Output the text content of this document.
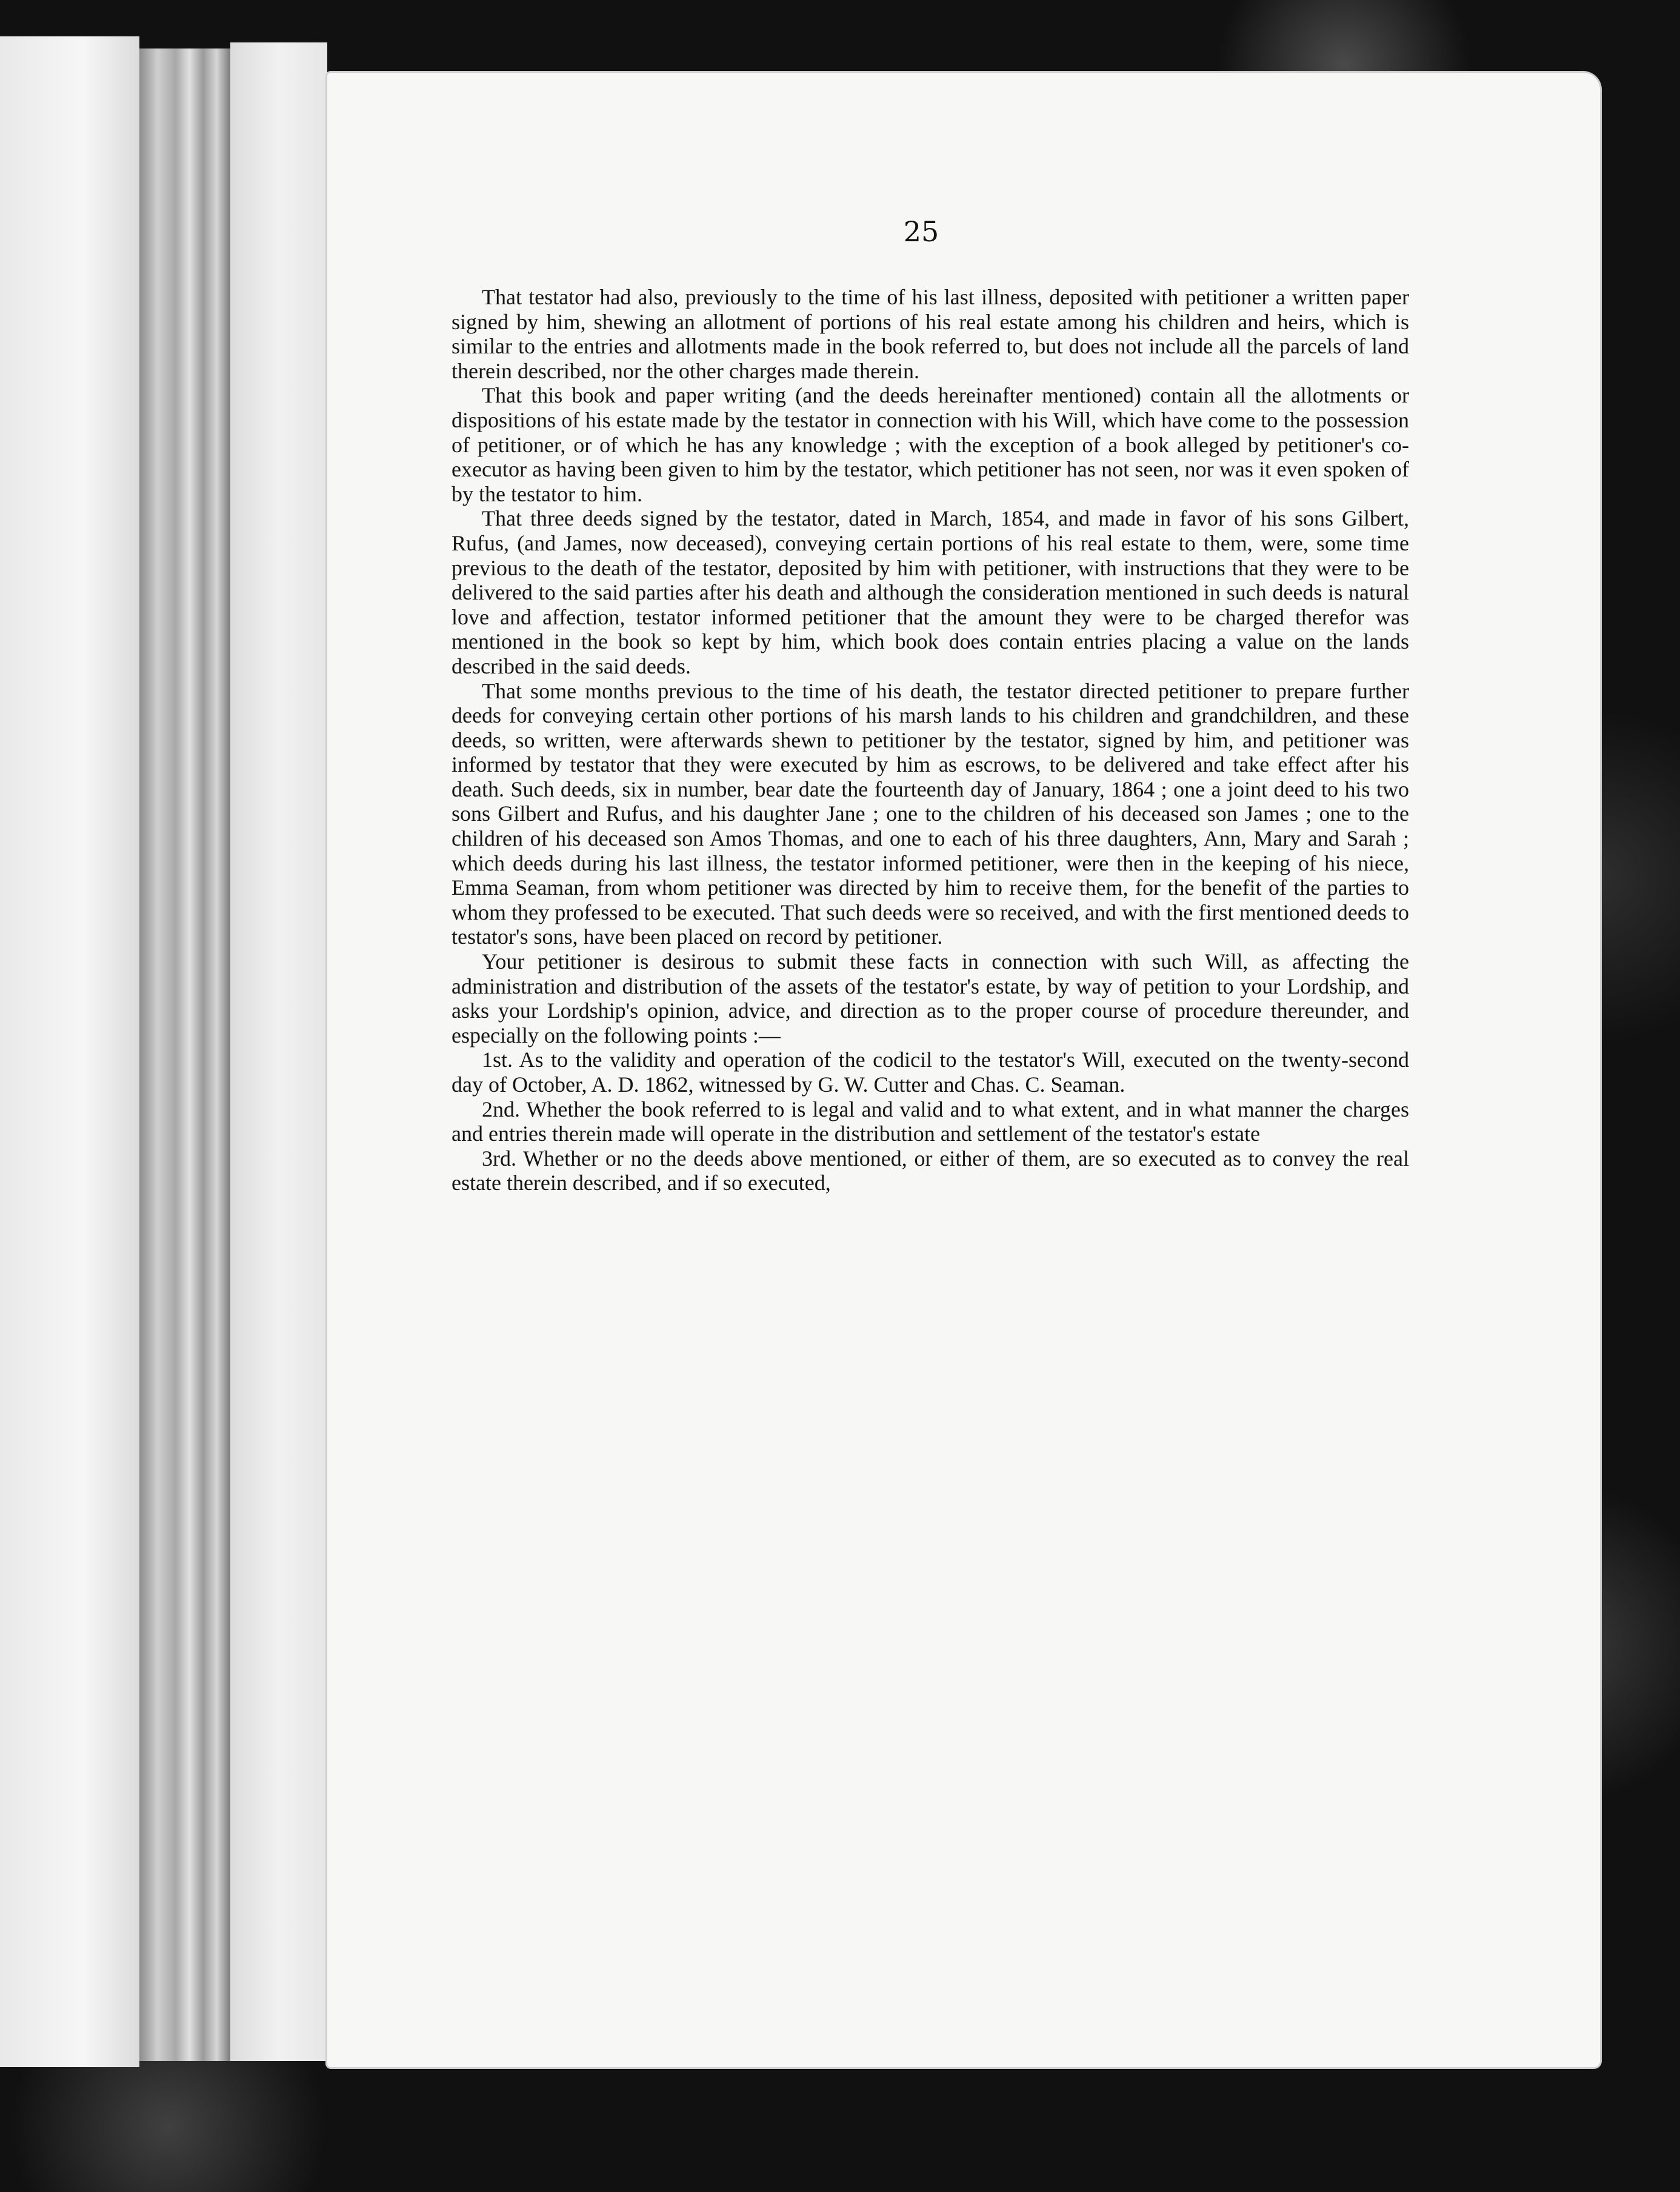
25

That testator had also, previously to the time of his last illness, deposited with petitioner a written paper signed by him, shewing an allotment of portions of his real estate among his children and heirs, which is similar to the entries and allotments made in the book referred to, but does not include all the parcels of land therein described, nor the other charges made therein.

That this book and paper writing (and the deeds hereinafter mentioned) contain all the allotments or dispositions of his estate made by the testator in connection with his Will, which have come to the possession of petitioner, or of which he has any knowledge ; with the exception of a book alleged by petitioner's co-executor as having been given to him by the testator, which petitioner has not seen, nor was it even spoken of by the testator to him.

That three deeds signed by the testator, dated in March, 1854, and made in favor of his sons Gilbert, Rufus, (and James, now deceased), conveying certain portions of his real estate to them, were, some time previous to the death of the testator, deposited by him with petitioner, with instructions that they were to be delivered to the said parties after his death and although the consideration mentioned in such deeds is natural love and affection, testator informed petitioner that the amount they were to be charged therefor was mentioned in the book so kept by him, which book does contain entries placing a value on the lands described in the said deeds.

That some months previous to the time of his death, the testator directed petitioner to prepare further deeds for conveying certain other portions of his marsh lands to his children and grandchildren, and these deeds, so written, were afterwards shewn to petitioner by the testator, signed by him, and petitioner was informed by testator that they were executed by him as escrows, to be delivered and take effect after his death. Such deeds, six in number, bear date the fourteenth day of January, 1864 ; one a joint deed to his two sons Gilbert and Rufus, and his daughter Jane ; one to the children of his deceased son James ; one to the children of his deceased son Amos Thomas, and one to each of his three daughters, Ann, Mary and Sarah ; which deeds during his last illness, the testator informed petitioner, were then in the keeping of his niece, Emma Seaman, from whom petitioner was directed by him to receive them, for the benefit of the parties to whom they professed to be executed. That such deeds were so received, and with the first mentioned deeds to testator's sons, have been placed on record by petitioner.

Your petitioner is desirous to submit these facts in connection with such Will, as affecting the administration and distribution of the assets of the testator's estate, by way of petition to your Lordship, and asks your Lordship's opinion, advice, and direction as to the proper course of procedure thereunder, and especially on the following points :—

1st. As to the validity and operation of the codicil to the testator's Will, executed on the twenty-second day of October, A. D. 1862, witnessed by G. W. Cutter and Chas. C. Seaman.

2nd. Whether the book referred to is legal and valid and to what extent, and in what manner the charges and entries therein made will operate in the distribution and settlement of the testator's estate

3rd. Whether or no the deeds above mentioned, or either of them, are so executed as to convey the real estate therein described, and if so executed,
